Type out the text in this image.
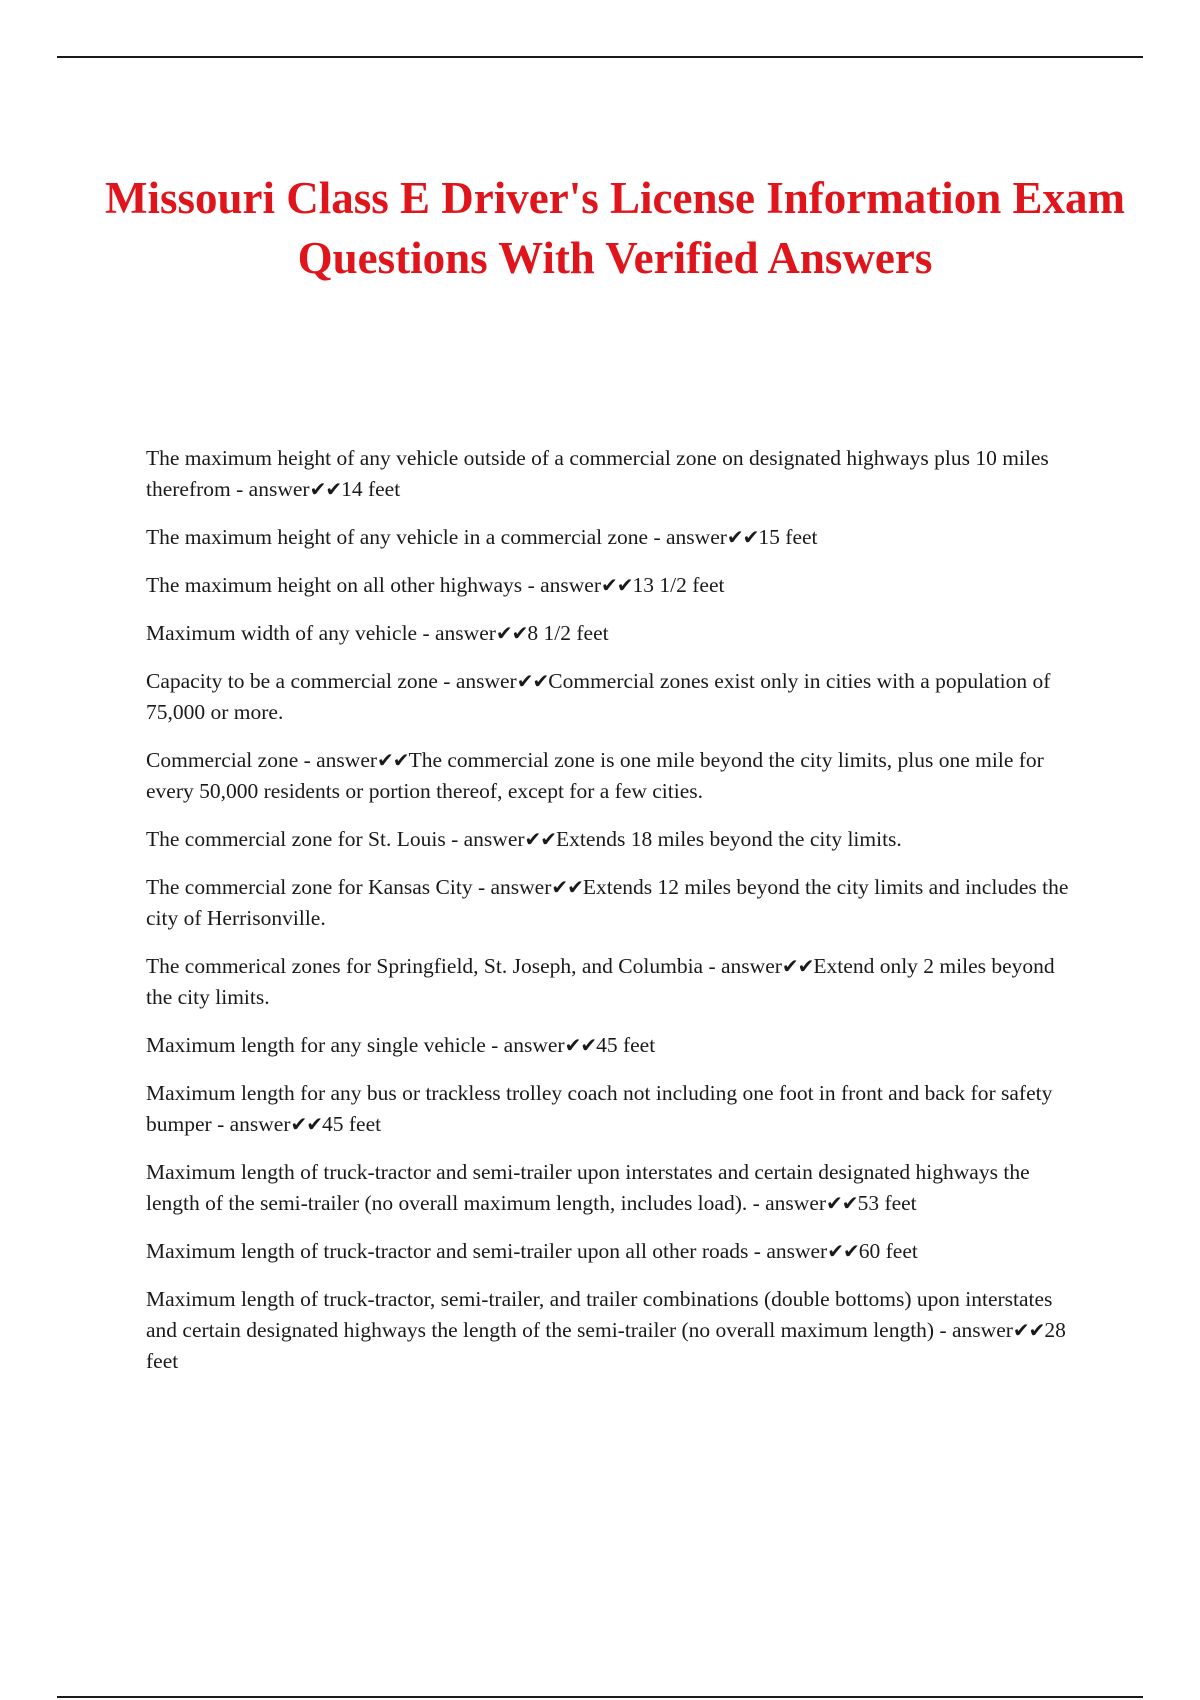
Missouri Class E Driver's License Information Exam Questions With Verified Answers
The maximum height of any vehicle outside of a commercial zone on designated highways plus 10 miles therefrom - answer✔✔14 feet
The maximum height of any vehicle in a commercial zone - answer✔✔15 feet
The maximum height on all other highways - answer✔✔13 1/2 feet
Maximum width of any vehicle - answer✔✔8 1/2 feet
Capacity to be a commercial zone - answer✔✔Commercial zones exist only in cities with a population of 75,000 or more.
Commercial zone - answer✔✔The commercial zone is one mile beyond the city limits, plus one mile for every 50,000 residents or portion thereof, except for a few cities.
The commercial zone for St. Louis - answer✔✔Extends 18 miles beyond the city limits.
The commercial zone for Kansas City - answer✔✔Extends 12 miles beyond the city limits and includes the city of Herrisonville.
The commerical zones for Springfield, St. Joseph, and Columbia - answer✔✔Extend only 2 miles beyond the city limits.
Maximum length for any single vehicle - answer✔✔45 feet
Maximum length for any bus or trackless trolley coach not including one foot in front and back for safety bumper - answer✔✔45 feet
Maximum length of truck-tractor and semi-trailer upon interstates and certain designated highways the length of the semi-trailer (no overall maximum length, includes load). - answer✔✔53 feet
Maximum length of truck-tractor and semi-trailer upon all other roads - answer✔✔60 feet
Maximum length of truck-tractor, semi-trailer, and trailer combinations (double bottoms) upon interstates and certain designated highways the length of the semi-trailer (no overall maximum length) - answer✔✔28 feet
